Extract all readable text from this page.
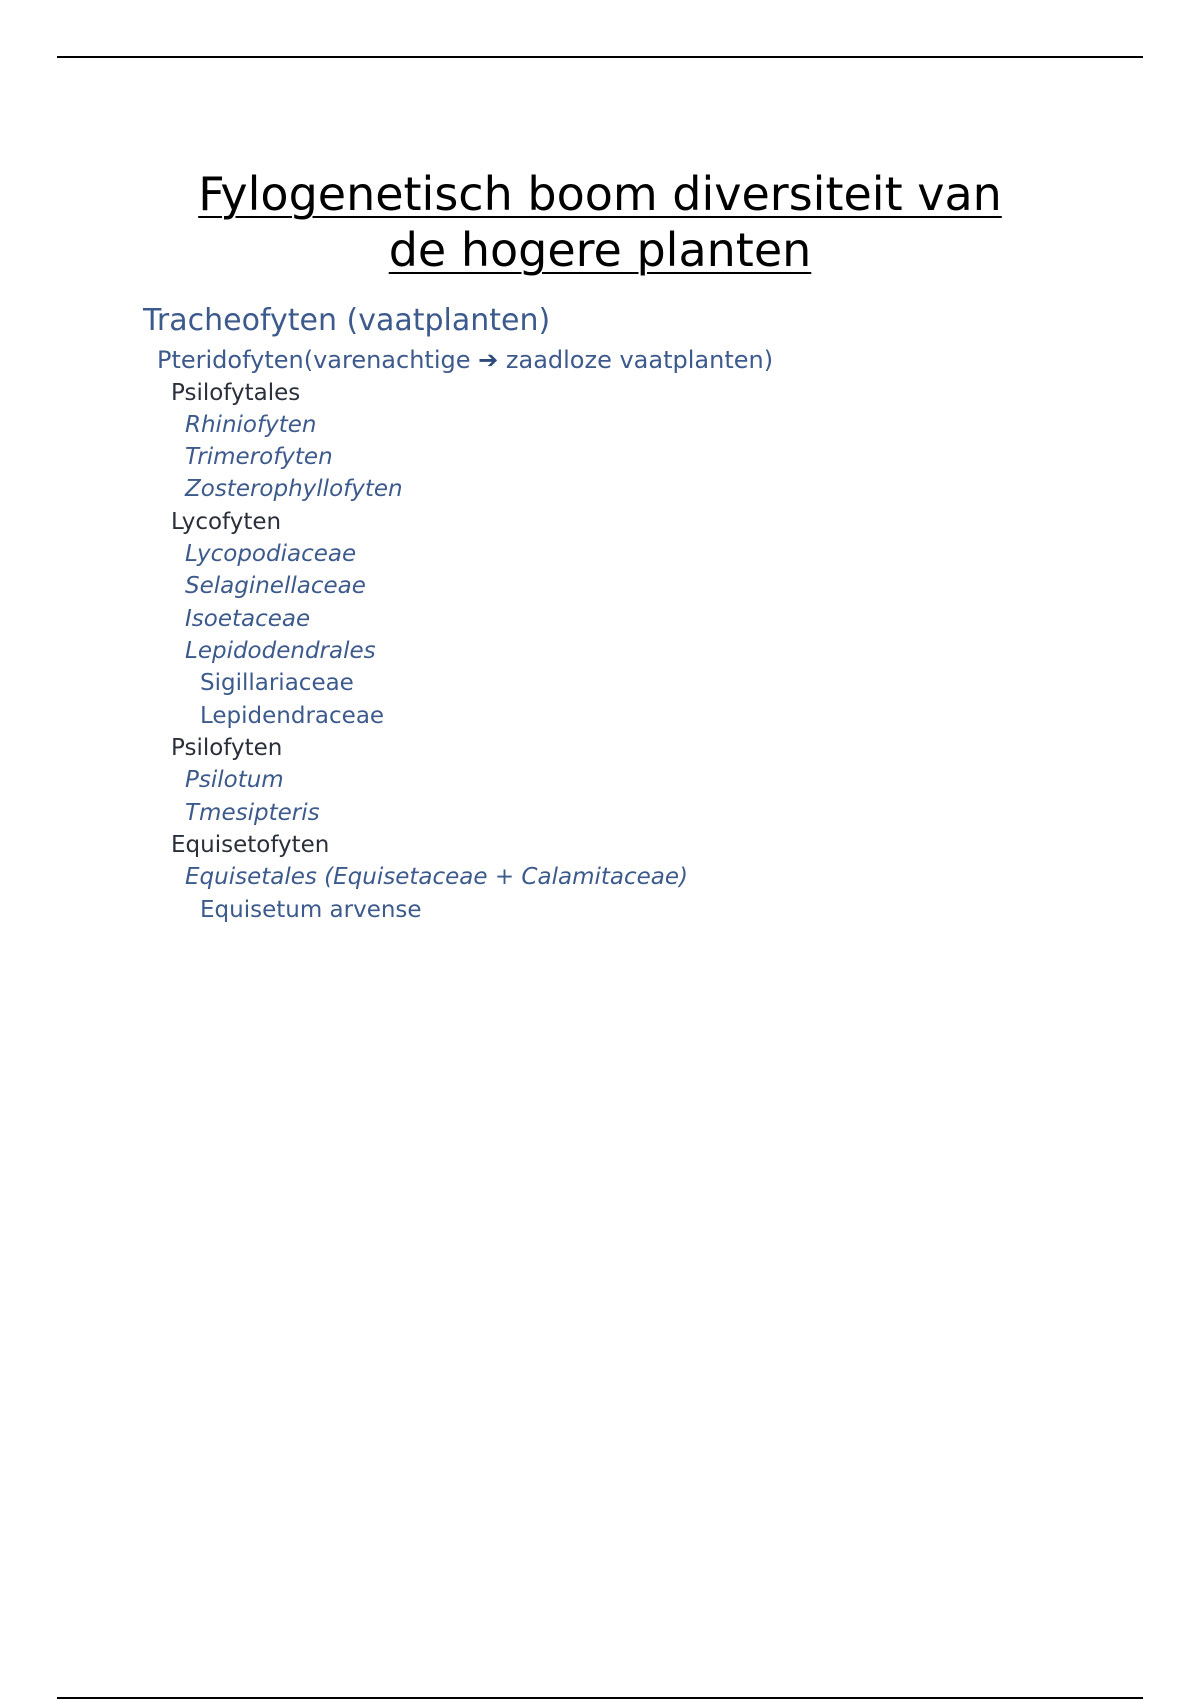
Fylogenetisch boom diversiteit van
de hogere planten
Tracheofyten (vaatplanten)
Pteridofyten(varenachtige ➔ zaadloze vaatplanten)
Psilofytales
Rhiniofyten
Trimerofyten
Zosterophyllofyten
Lycofyten
Lycopodiaceae
Selaginellaceae
Isoetaceae
Lepidodendrales
Sigillariaceae
Lepidendraceae
Psilofyten
Psilotum
Tmesipteris
Equisetofyten
Equisetales (Equisetaceae + Calamitaceae)
Equisetum arvense
